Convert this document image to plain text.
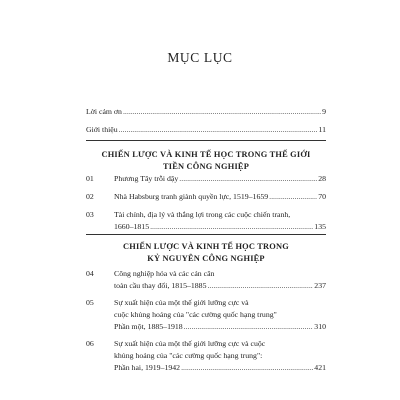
MỤC LỤC
Lời cảm ơn .....	9
Giới thiệu .....	11
CHIẾN LƯỢC VÀ KINH TẾ HỌC TRONG THẾ GIỚI
TIỀN CÔNG NGHIỆP
01	Phương Tây trỗi dậy .....	28
02	Nhà Habsburg tranh giành quyền lực, 1519–1659 .....	70
03	Tài chính, địa lý và thắng lợi trong các cuộc chiến tranh,
1660–1815 .....	135
CHIẾN LƯỢC VÀ KINH TẾ HỌC TRONG
KỶ NGUYÊN CÔNG NGHIỆP
04	Công nghiệp hóa và các cán cân
toàn cầu thay đổi, 1815–1885 .....	237
05	Sự xuất hiện của một thế giới lưỡng cực và
cuộc khủng hoảng của "các cường quốc hạng trung"
Phần một, 1885–1918 .....	310
06	Sự xuất hiện của một thế giới lưỡng cực và cuộc
khủng hoảng của "các cường quốc hạng trung":
Phần hai, 1919–1942 .....	421
